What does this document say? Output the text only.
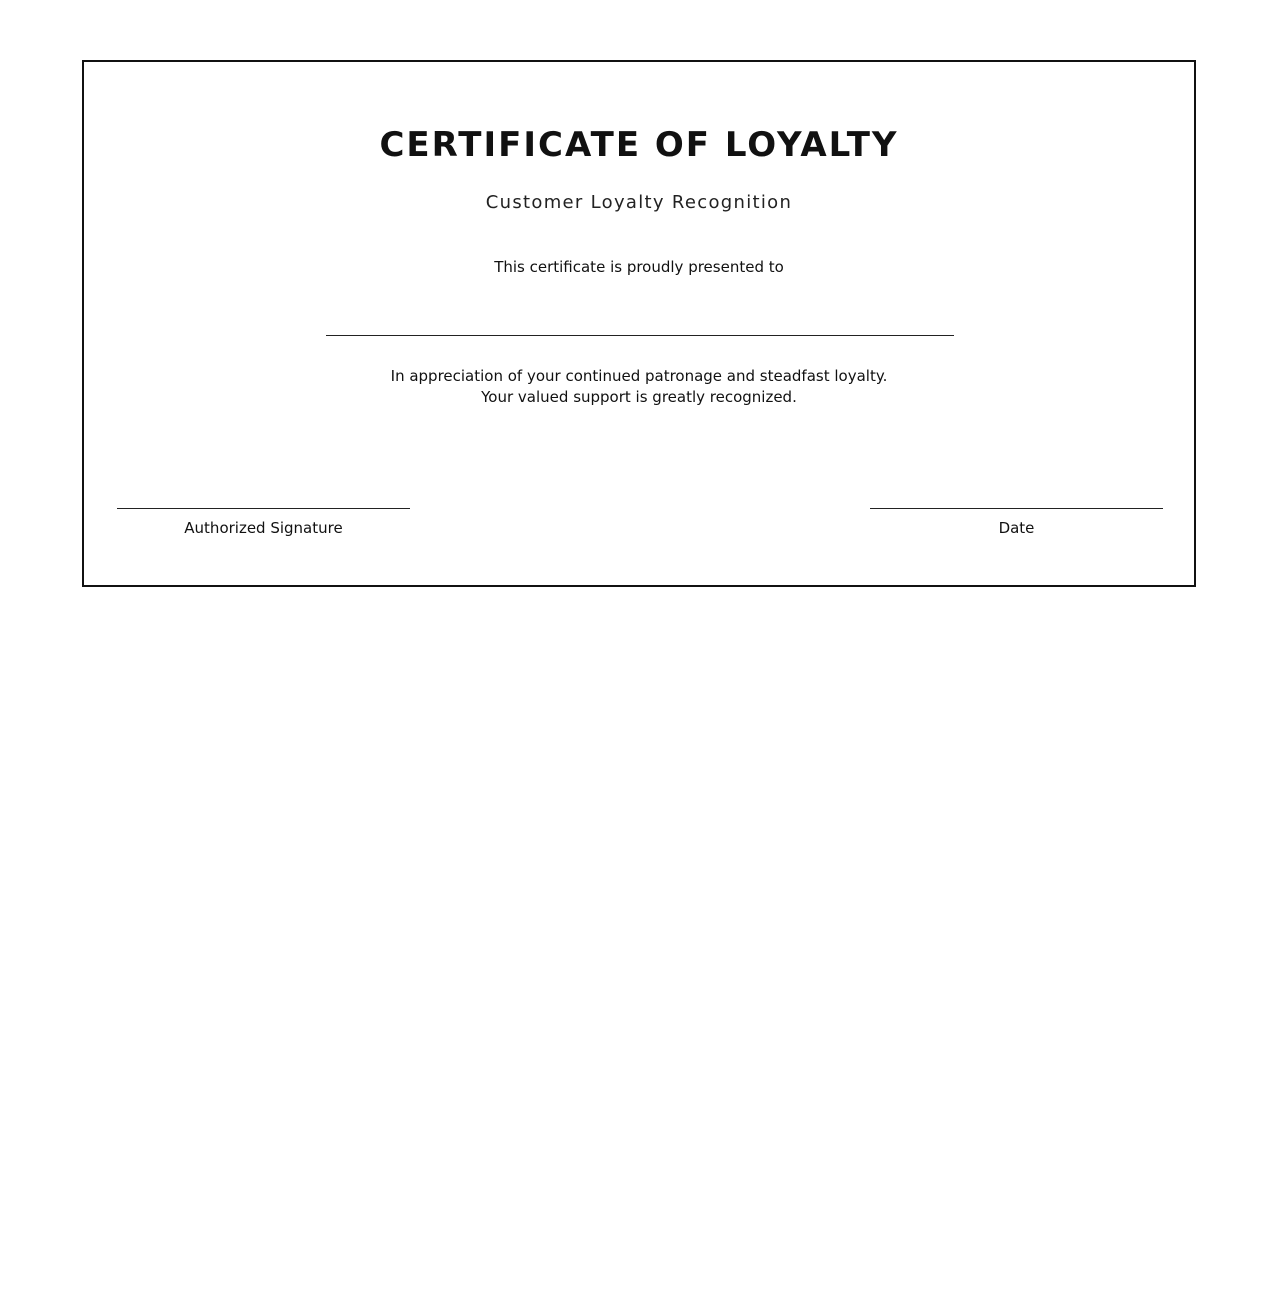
CERTIFICATE OF LOYALTY
Customer Loyalty Recognition
This certificate is proudly presented to
In appreciation of your continued patronage and steadfast loyalty.
Your valued support is greatly recognized.
Authorized Signature	Date
